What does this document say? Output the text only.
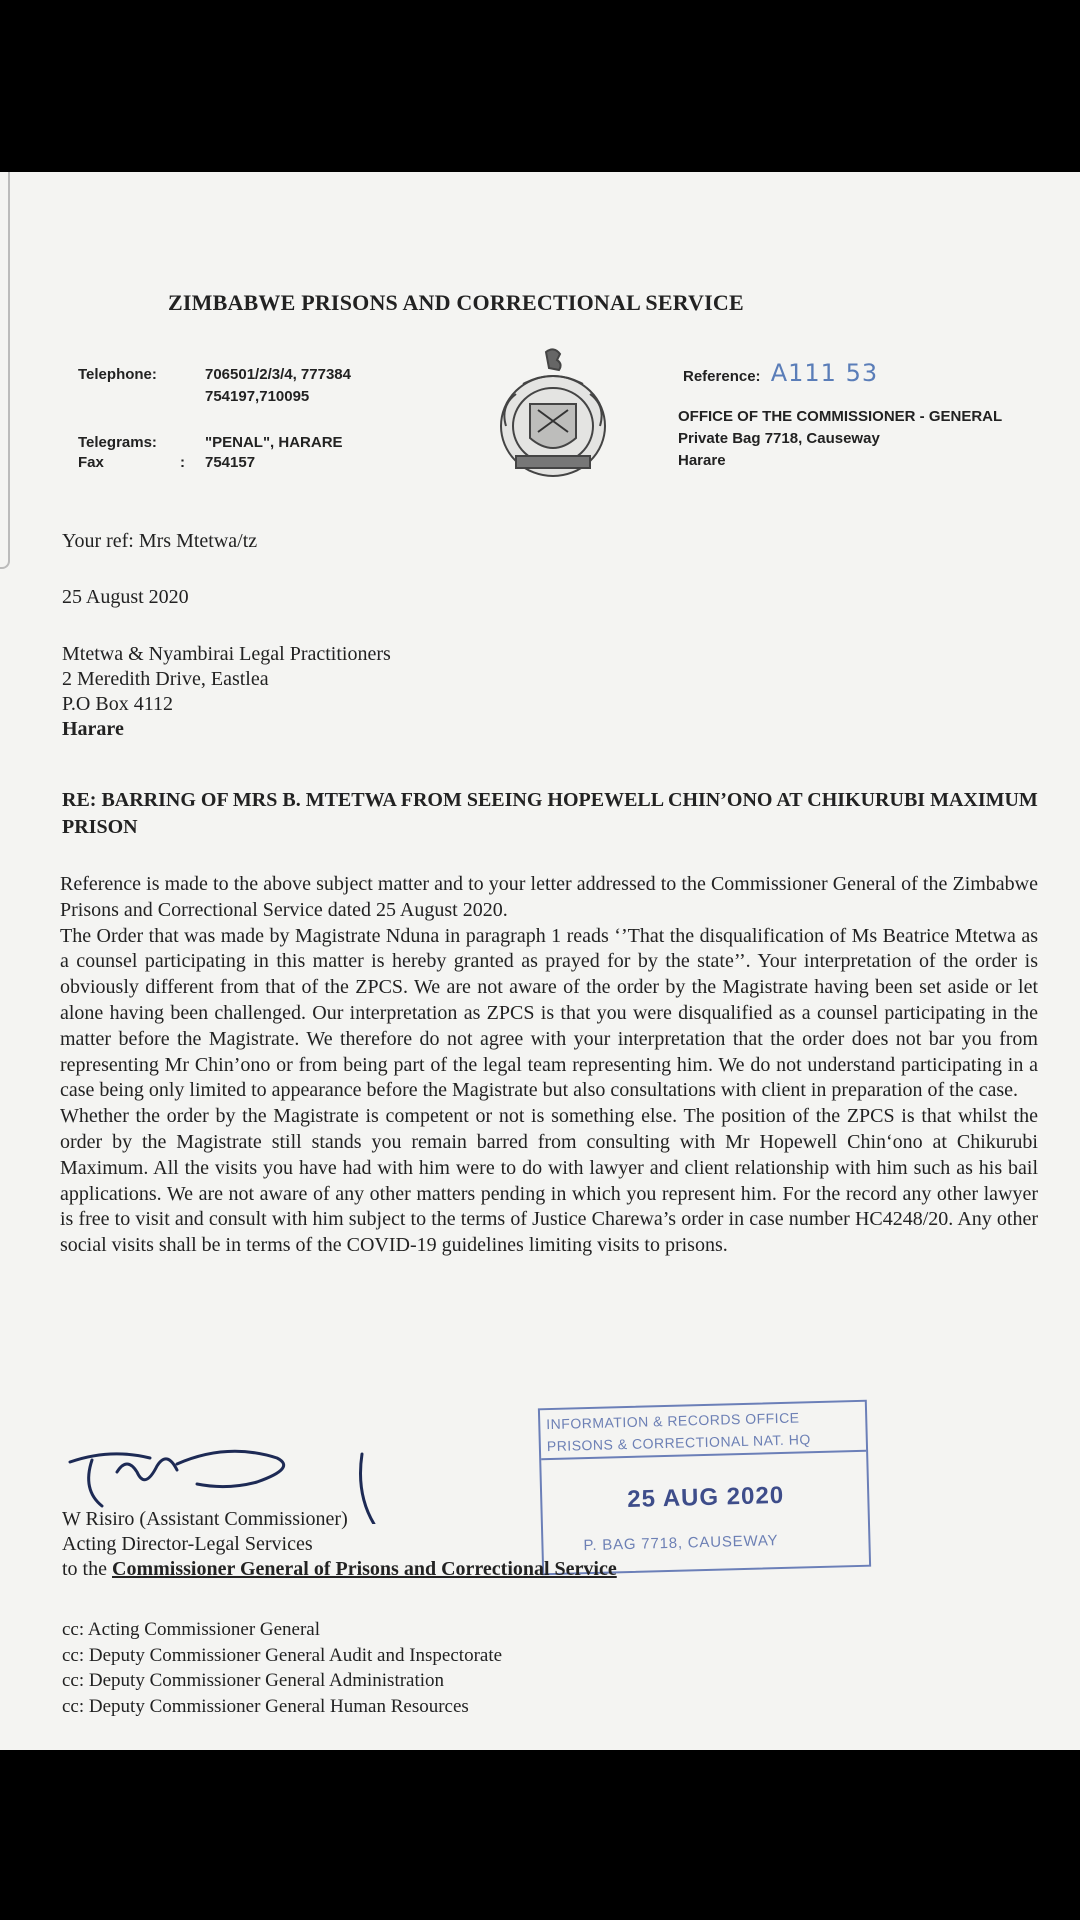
ZIMBABWE PRISONS AND CORRECTIONAL SERVICE
Telephone:	706501/2/3/4, 777384
754197,710095
Telegrams:	"PENAL", HARARE
Fax	: 754157
Reference: A111 53
OFFICE OF THE COMMISSIONER - GENERAL
Private Bag 7718, Causeway
Harare
Your ref: Mrs Mtetwa/tz
25 August 2020
Mtetwa & Nyambirai Legal Practitioners
2 Meredith Drive, Eastlea
P.O Box 4112
Harare
RE: BARRING OF MRS B. MTETWA FROM SEEING HOPEWELL CHIN’ONO AT CHIKURUBI MAXIMUM PRISON

Reference is made to the above subject matter and to your letter addressed to the Commissioner General of the Zimbabwe Prisons and Correctional Service dated 25 August 2020.

The Order that was made by Magistrate Nduna in paragraph 1 reads ‘’That the disqualification of Ms Beatrice Mtetwa as a counsel participating in this matter is hereby granted as prayed for by the state’’. Your interpretation of the order is obviously different from that of the ZPCS. We are not aware of the order by the Magistrate having been set aside or let alone having been challenged. Our interpretation as ZPCS is that you were disqualified as a counsel participating in the matter before the Magistrate. We therefore do not agree with your interpretation that the order does not bar you from representing Mr Chin’ono or from being part of the legal team representing him. We do not understand participating in a case being only limited to appearance before the Magistrate but also consultations with client in preparation of the case.

Whether the order by the Magistrate is competent or not is something else. The position of the ZPCS is that whilst the order by the Magistrate still stands you remain barred from consulting with Mr Hopewell Chin‘ono at Chikurubi Maximum. All the visits you have had with him were to do with lawyer and client relationship with him such as his bail applications. We are not aware of any other matters pending in which you represent him. For the record any other lawyer is free to visit and consult with him subject to the terms of Justice Charewa’s order in case number HC4248/20. Any other social visits shall be in terms of the COVID-19 guidelines limiting visits to prisons.

INFORMATION & RECORDS OFFICE
PRISONS & CORRECTIONAL NAT. HQ
25 AUG 2020
P. BAG 7718, CAUSEWAY
W Risiro (Assistant Commissioner)
Acting Director-Legal Services
to the Commissioner General of Prisons and Correctional Service
cc: Acting Commissioner General
cc: Deputy Commissioner General Audit and Inspectorate
cc: Deputy Commissioner General Administration
cc: Deputy Commissioner General Human Resources
